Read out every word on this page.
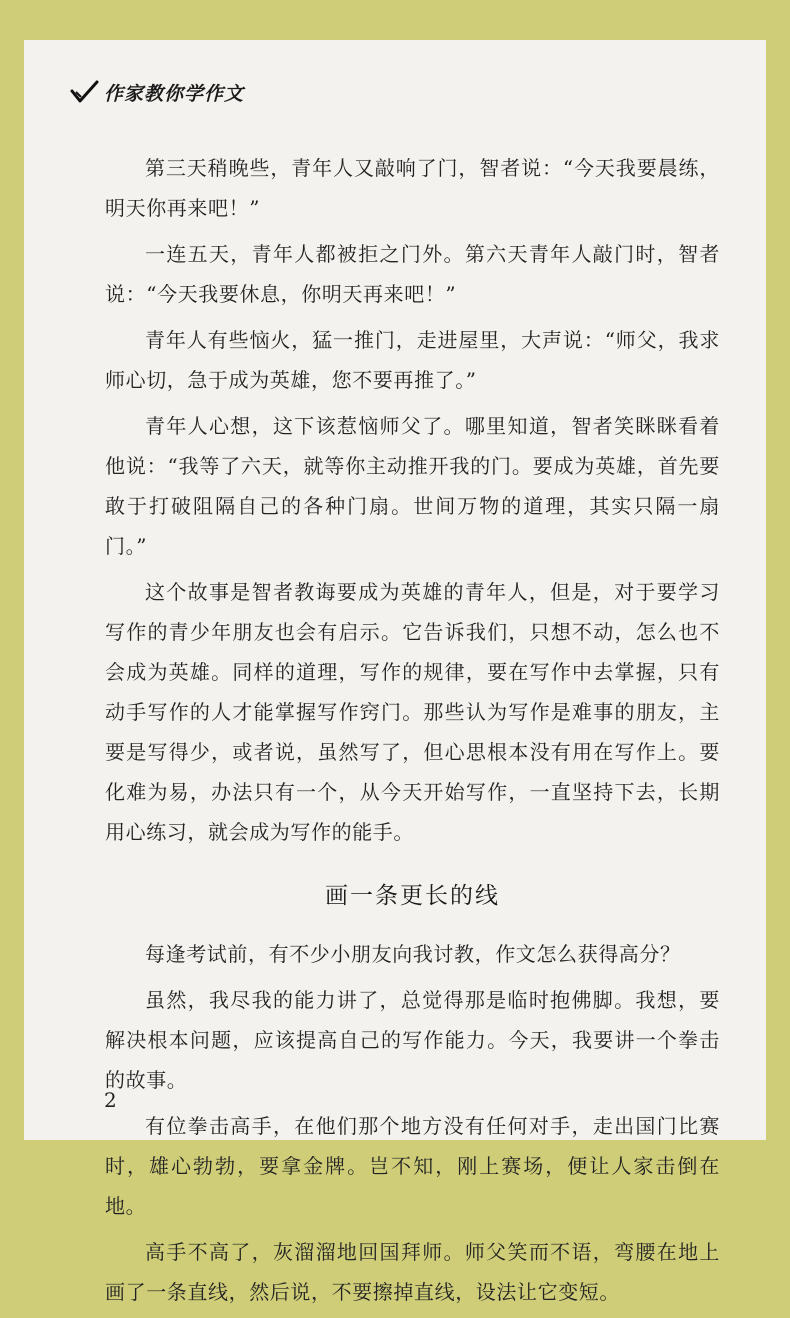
作家教你学作文

第三天稍晚些，青年人又敲响了门，智者说：“今天我要晨练，明天你再来吧！”

一连五天，青年人都被拒之门外。第六天青年人敲门时，智者说：“今天我要休息，你明天再来吧！”

青年人有些恼火，猛一推门，走进屋里，大声说：“师父，我求师心切，急于成为英雄，您不要再推了。”

青年人心想，这下该惹恼师父了。哪里知道，智者笑眯眯看着他说：“我等了六天，就等你主动推开我的门。要成为英雄，首先要敢于打破阻隔自己的各种门扇。世间万物的道理，其实只隔一扇门。”

这个故事是智者教诲要成为英雄的青年人，但是，对于要学习写作的青少年朋友也会有启示。它告诉我们，只想不动，怎么也不会成为英雄。同样的道理，写作的规律，要在写作中去掌握，只有动手写作的人才能掌握写作窍门。那些认为写作是难事的朋友，主要是写得少，或者说，虽然写了，但心思根本没有用在写作上。要化难为易，办法只有一个，从今天开始写作，一直坚持下去，长期用心练习，就会成为写作的能手。

画一条更长的线

每逢考试前，有不少小朋友向我讨教，作文怎么获得高分？

虽然，我尽我的能力讲了，总觉得那是临时抱佛脚。我想，要解决根本问题，应该提高自己的写作能力。今天，我要讲一个拳击的故事。

有位拳击高手，在他们那个地方没有任何对手，走出国门比赛时，雄心勃勃，要拿金牌。岂不知，刚上赛场，便让人家击倒在地。

高手不高了，灰溜溜地回国拜师。师父笑而不语，弯腰在地上画了一条直线，然后说，不要擦掉直线，设法让它变短。

2
